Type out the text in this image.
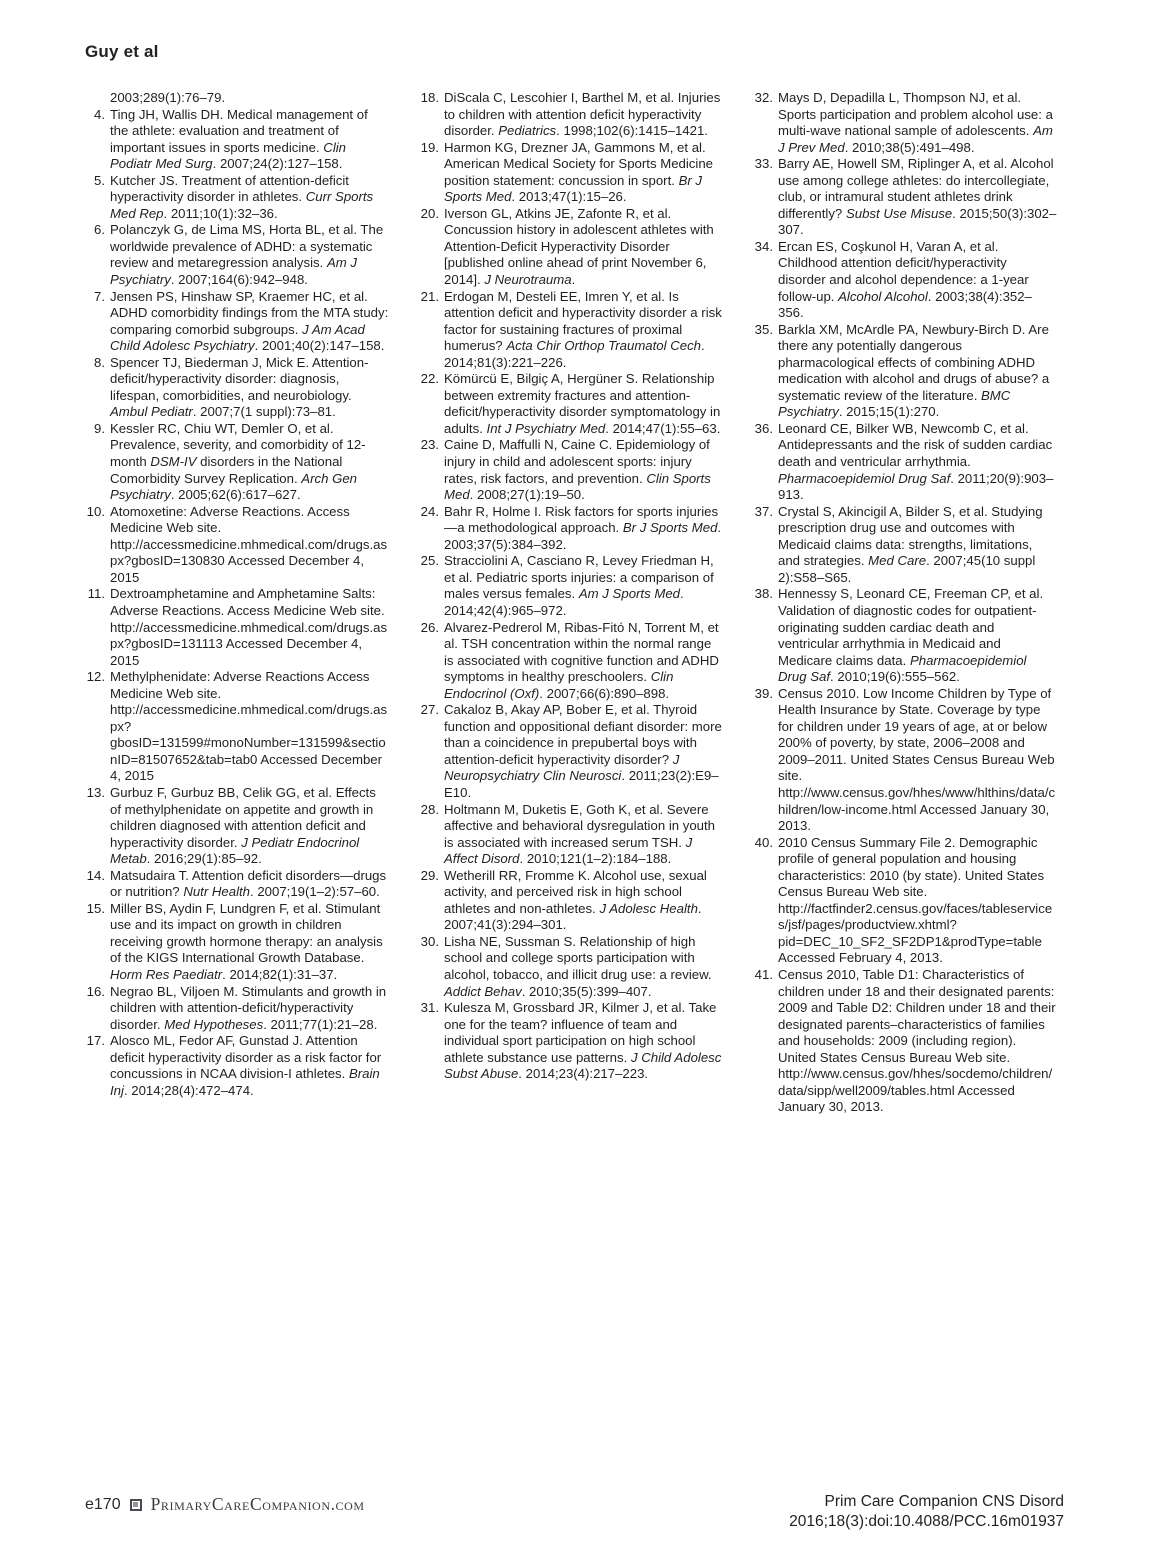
Guy et al
2003;289(1):76–79.
4. Ting JH, Wallis DH. Medical management of the athlete: evaluation and treatment of important issues in sports medicine. Clin Podiatr Med Surg. 2007;24(2):127–158.
5. Kutcher JS. Treatment of attention-deficit hyperactivity disorder in athletes. Curr Sports Med Rep. 2011;10(1):32–36.
6. Polanczyk G, de Lima MS, Horta BL, et al. The worldwide prevalence of ADHD: a systematic review and metaregression analysis. Am J Psychiatry. 2007;164(6):942–948.
7. Jensen PS, Hinshaw SP, Kraemer HC, et al. ADHD comorbidity findings from the MTA study: comparing comorbid subgroups. J Am Acad Child Adolesc Psychiatry. 2001;40(2):147–158.
8. Spencer TJ, Biederman J, Mick E. Attention-deficit/hyperactivity disorder: diagnosis, lifespan, comorbidities, and neurobiology. Ambul Pediatr. 2007;7(1 suppl):73–81.
9. Kessler RC, Chiu WT, Demler O, et al. Prevalence, severity, and comorbidity of 12-month DSM-IV disorders in the National Comorbidity Survey Replication. Arch Gen Psychiatry. 2005;62(6):617–627.
10. Atomoxetine: Adverse Reactions. Access Medicine Web site. http://accessmedicine.mhmedical.com/drugs.aspx?gbosID=130830 Accessed December 4, 2015
11. Dextroamphetamine and Amphetamine Salts: Adverse Reactions. Access Medicine Web site. http://accessmedicine.mhmedical.com/drugs.aspx?gbosID=131113 Accessed December 4, 2015
12. Methylphenidate: Adverse Reactions Access Medicine Web site. http://accessmedicine.mhmedical.com/drugs.aspx?gbosID=131599#monoNumber=131599&sectionID=81507652&tab=tab0 Accessed December 4, 2015
13. Gurbuz F, Gurbuz BB, Celik GG, et al. Effects of methylphenidate on appetite and growth in children diagnosed with attention deficit and hyperactivity disorder. J Pediatr Endocrinol Metab. 2016;29(1):85–92.
14. Matsudaira T. Attention deficit disorders—drugs or nutrition? Nutr Health. 2007;19(1–2):57–60.
15. Miller BS, Aydin F, Lundgren F, et al. Stimulant use and its impact on growth in children receiving growth hormone therapy: an analysis of the KIGS International Growth Database. Horm Res Paediatr. 2014;82(1):31–37.
16. Negrao BL, Viljoen M. Stimulants and growth in children with attention-deficit/hyperactivity disorder. Med Hypotheses. 2011;77(1):21–28.
17. Alosco ML, Fedor AF, Gunstad J. Attention deficit hyperactivity disorder as a risk factor for concussions in NCAA division-I athletes. Brain Inj. 2014;28(4):472–474.
18. DiScala C, Lescohier I, Barthel M, et al. Injuries to children with attention deficit hyperactivity disorder. Pediatrics. 1998;102(6):1415–1421.
19. Harmon KG, Drezner JA, Gammons M, et al. American Medical Society for Sports Medicine position statement: concussion in sport. Br J Sports Med. 2013;47(1):15–26.
20. Iverson GL, Atkins JE, Zafonte R, et al. Concussion history in adolescent athletes with Attention-Deficit Hyperactivity Disorder [published online ahead of print November 6, 2014]. J Neurotrauma.
21. Erdogan M, Desteli EE, Imren Y, et al. Is attention deficit and hyperactivity disorder a risk factor for sustaining fractures of proximal humerus? Acta Chir Orthop Traumatol Cech. 2014;81(3):221–226.
22. Kömürcü E, Bilgiç A, Hergüner S. Relationship between extremity fractures and attention-deficit/hyperactivity disorder symptomatology in adults. Int J Psychiatry Med. 2014;47(1):55–63.
23. Caine D, Maffulli N, Caine C. Epidemiology of injury in child and adolescent sports: injury rates, risk factors, and prevention. Clin Sports Med. 2008;27(1):19–50.
24. Bahr R, Holme I. Risk factors for sports injuries—a methodological approach. Br J Sports Med. 2003;37(5):384–392.
25. Stracciolini A, Casciano R, Levey Friedman H, et al. Pediatric sports injuries: a comparison of males versus females. Am J Sports Med. 2014;42(4):965–972.
26. Alvarez-Pedrerol M, Ribas-Fitó N, Torrent M, et al. TSH concentration within the normal range is associated with cognitive function and ADHD symptoms in healthy preschoolers. Clin Endocrinol (Oxf). 2007;66(6):890–898.
27. Cakaloz B, Akay AP, Bober E, et al. Thyroid function and oppositional defiant disorder: more than a coincidence in prepubertal boys with attention-deficit hyperactivity disorder? J Neuropsychiatry Clin Neurosci. 2011;23(2):E9–E10.
28. Holtmann M, Duketis E, Goth K, et al. Severe affective and behavioral dysregulation in youth is associated with increased serum TSH. J Affect Disord. 2010;121(1–2):184–188.
29. Wetherill RR, Fromme K. Alcohol use, sexual activity, and perceived risk in high school athletes and non-athletes. J Adolesc Health. 2007;41(3):294–301.
30. Lisha NE, Sussman S. Relationship of high school and college sports participation with alcohol, tobacco, and illicit drug use: a review. Addict Behav. 2010;35(5):399–407.
31. Kulesza M, Grossbard JR, Kilmer J, et al. Take one for the team? influence of team and individual sport participation on high school athlete substance use patterns. J Child Adolesc Subst Abuse. 2014;23(4):217–223.
32. Mays D, Depadilla L, Thompson NJ, et al. Sports participation and problem alcohol use: a multi-wave national sample of adolescents. Am J Prev Med. 2010;38(5):491–498.
33. Barry AE, Howell SM, Riplinger A, et al. Alcohol use among college athletes: do intercollegiate, club, or intramural student athletes drink differently? Subst Use Misuse. 2015;50(3):302–307.
34. Ercan ES, Coşkunol H, Varan A, et al. Childhood attention deficit/hyperactivity disorder and alcohol dependence: a 1-year follow-up. Alcohol Alcohol. 2003;38(4):352–356.
35. Barkla XM, McArdle PA, Newbury-Birch D. Are there any potentially dangerous pharmacological effects of combining ADHD medication with alcohol and drugs of abuse? a systematic review of the literature. BMC Psychiatry. 2015;15(1):270.
36. Leonard CE, Bilker WB, Newcomb C, et al. Antidepressants and the risk of sudden cardiac death and ventricular arrhythmia. Pharmacoepidemiol Drug Saf. 2011;20(9):903–913.
37. Crystal S, Akincigil A, Bilder S, et al. Studying prescription drug use and outcomes with Medicaid claims data: strengths, limitations, and strategies. Med Care. 2007;45(10 suppl 2):S58–S65.
38. Hennessy S, Leonard CE, Freeman CP, et al. Validation of diagnostic codes for outpatient-originating sudden cardiac death and ventricular arrhythmia in Medicaid and Medicare claims data. Pharmacoepidemiol Drug Saf. 2010;19(6):555–562.
39. Census 2010. Low Income Children by Type of Health Insurance by State. Coverage by type for children under 19 years of age, at or below 200% of poverty, by state, 2006–2008 and 2009–2011. United States Census Bureau Web site. http://www.census.gov/hhes/www/hlthins/data/children/low-income.html Accessed January 30, 2013.
40. 2010 Census Summary File 2. Demographic profile of general population and housing characteristics: 2010 (by state). United States Census Bureau Web site. http://factfinder2.census.gov/faces/tableservices/jsf/pages/productview.xhtml?pid=DEC_10_SF2_SF2DP1&prodType=table Accessed February 4, 2013.
41. Census 2010, Table D1: Characteristics of children under 18 and their designated parents: 2009 and Table D2: Children under 18 and their designated parents–characteristics of families and households: 2009 (including region). United States Census Bureau Web site. http://www.census.gov/hhes/socdemo/children/data/sipp/well2009/tables.html Accessed January 30, 2013.
e170 PrimaryCareCompanion.com	Prim Care Companion CNS Disord
2016;18(3):doi:10.4088/PCC.16m01937
